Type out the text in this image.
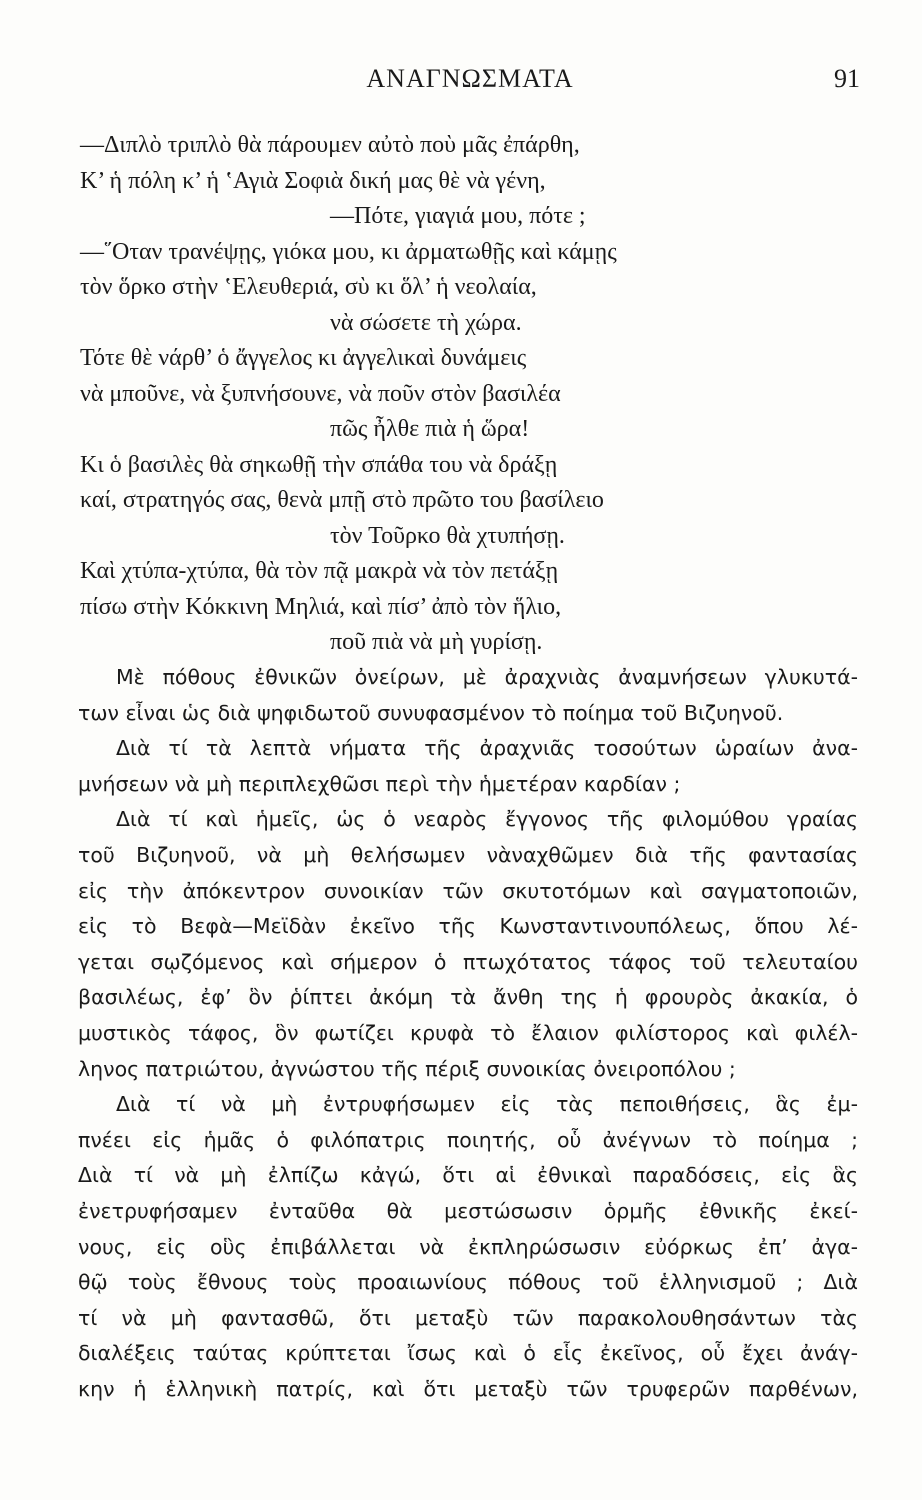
ΑΝΑΓΝΩΣΜΑΤΑ	91
—Διπλὸ τριπλὸ θὰ πάρουμεν αὐτὸ ποὺ μᾶς ἐπάρθη,
Κ’ ἡ πόλη κ’ ἡ ʽΑγιὰ Σοφιὰ δική μας θὲ νὰ γένη,
—Πότε, γιαγιά μου, πότε ;
—῞Οταν τρανέψῃς, γιόκα μου, κι ἀρματωθῇς καὶ κάμῃς
τὸν ὅρκο στὴν ʽΕλευθεριά, σὺ κι ὅλ’ ἡ νεολαία,
νὰ σώσετε τὴ χώρα.
Τότε θὲ νάρθ’ ὁ ἄγγελος κι ἀγγελικαὶ δυνάμεις
νὰ μποῦνε, νὰ ξυπνήσουνε, νὰ ποῦν στὸν βασιλέα
πῶς ἦλθε πιὰ ἡ ὥρα!
Κι ὁ βασιλὲς θὰ σηκωθῇ τὴν σπάθα του νὰ δράξῃ
καί, στρατηγός σας, θενὰ μπῇ στὸ πρῶτο του βασίλειο
τὸν Τοῦρκο θὰ χτυπήσῃ.
Καὶ χτύπα-χτύπα, θὰ τὸν πᾷ μακρὰ νὰ τὸν πετάξῃ
πίσω στὴν Κόκκινη Μηλιά, καὶ πίσ’ ἀπὸ τὸν ἥλιο,
ποῦ πιὰ νὰ μὴ γυρίσῃ.
Μὲ πόθους ἐθνικῶν ὀνείρων, μὲ ἀραχνιὰς ἀναμνήσεων γλυκυτά-
των εἶναι ὡς διὰ ψηφιδωτοῦ συνυφασμένον τὸ ποίημα τοῦ Βιζυηνοῦ.
Διὰ τί τὰ λεπτὰ νήματα τῆς ἀραχνιᾶς τοσούτων ὡραίων ἀνα-
μνήσεων νὰ μὴ περιπλεχθῶσι περὶ τὴν ἡμετέραν καρδίαν ;
Διὰ τί καὶ ἡμεῖς, ὡς ὁ νεαρὸς ἔγγονος τῆς φιλομύθου γραίας
τοῦ Βιζυηνοῦ, νὰ μὴ θελήσωμεν νὰναχθῶμεν διὰ τῆς φαντασίας
εἰς τὴν ἀπόκεντρον συνοικίαν τῶν σκυτοτόμων καὶ σαγματοποιῶν,
εἰς τὸ Βεφὰ—Μεϊδὰν ἐκεῖνο τῆς Κωνσταντινουπόλεως, ὅπου λέ-
γεται σῳζόμενος καὶ σήμερον ὁ πτωχότατος τάφος τοῦ τελευταίου
βασιλέως, ἐφ’ ὃν ῥίπτει ἀκόμη τὰ ἄνθη της ἡ φρουρὸς ἀκακία, ὁ
μυστικὸς τάφος, ὃν φωτίζει κρυφὰ τὸ ἔλαιον φιλίστορος καὶ φιλέλ-
ληνος πατριώτου, ἀγνώστου τῆς πέριξ συνοικίας ὀνειροπόλου ;
Διὰ τί νὰ μὴ ἐντρυφήσωμεν εἰς τὰς πεποιθήσεις, ἃς ἐμ-
πνέει εἰς ἡμᾶς ὁ φιλόπατρις ποιητής, οὗ ἀνέγνων τὸ ποίημα ;
Διὰ τί νὰ μὴ ἐλπίζω κἀγώ, ὅτι αἱ ἐθνικαὶ παραδόσεις, εἰς ἃς
ἐνετρυφήσαμεν ἐνταῦθα θὰ μεστώσωσιν ὁρμῆς ἐθνικῆς ἐκεί-
νους, εἰς οὓς ἐπιβάλλεται νὰ ἐκπληρώσωσιν εὐόρκως ἐπ’ ἀγα-
θῷ τοὺς ἔθνους τοὺς προαιωνίους πόθους τοῦ ἑλληνισμοῦ ; Διὰ
τί νὰ μὴ φαντασθῶ, ὅτι μεταξὺ τῶν παρακολουθησάντων τὰς
διαλέξεις ταύτας κρύπτεται ἴσως καὶ ὁ εἷς ἐκεῖνος, οὗ ἔχει ἀνάγ-
κην ἡ ἑλληνικὴ πατρίς, καὶ ὅτι μεταξὺ τῶν τρυφερῶν παρθένων,
